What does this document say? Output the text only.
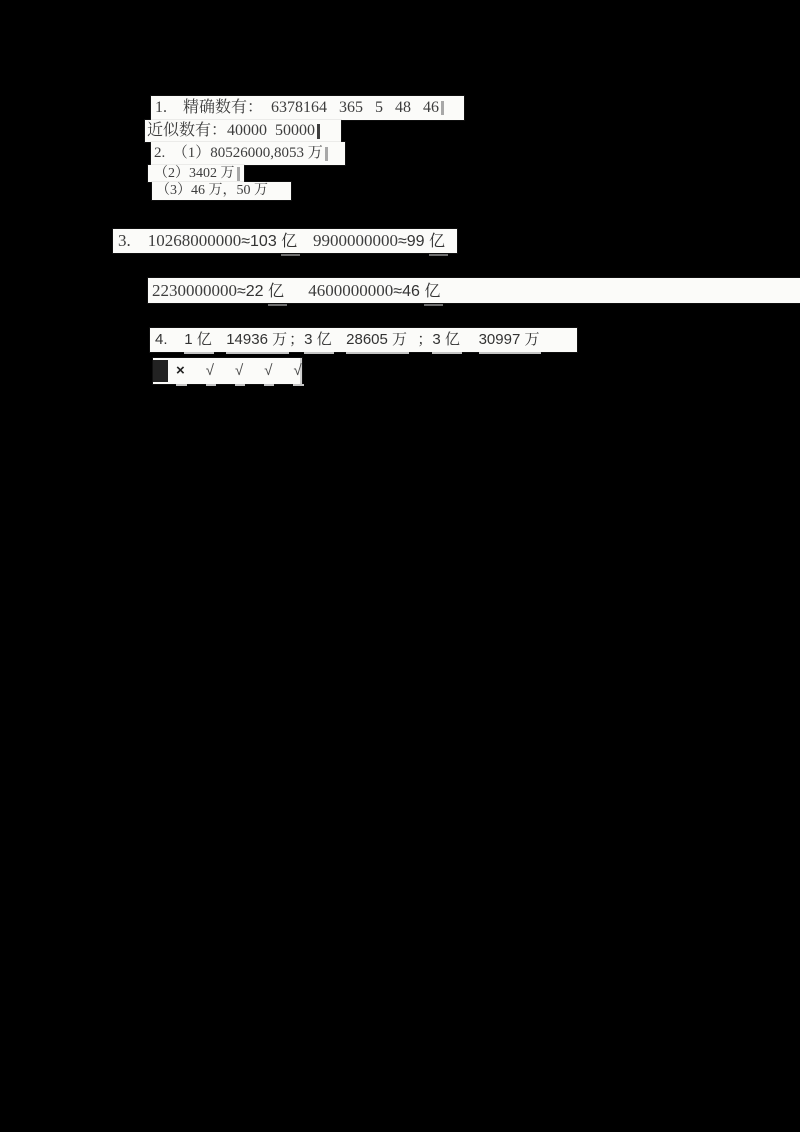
1.    精确数有：  6378164   365   5   48   46
近似数有：40000  50000
2.  （1）80526000,8053 万
（2）3402 万
（3）46 万，50 万
3.    10268000000≈103 亿 9900000000≈99 亿
2230000000≈22 亿 4600000000≈46 亿
4.    1 亿 14936 万 ；3 亿 28605 万  ；3 亿 30997 万
× √ √ √ √
